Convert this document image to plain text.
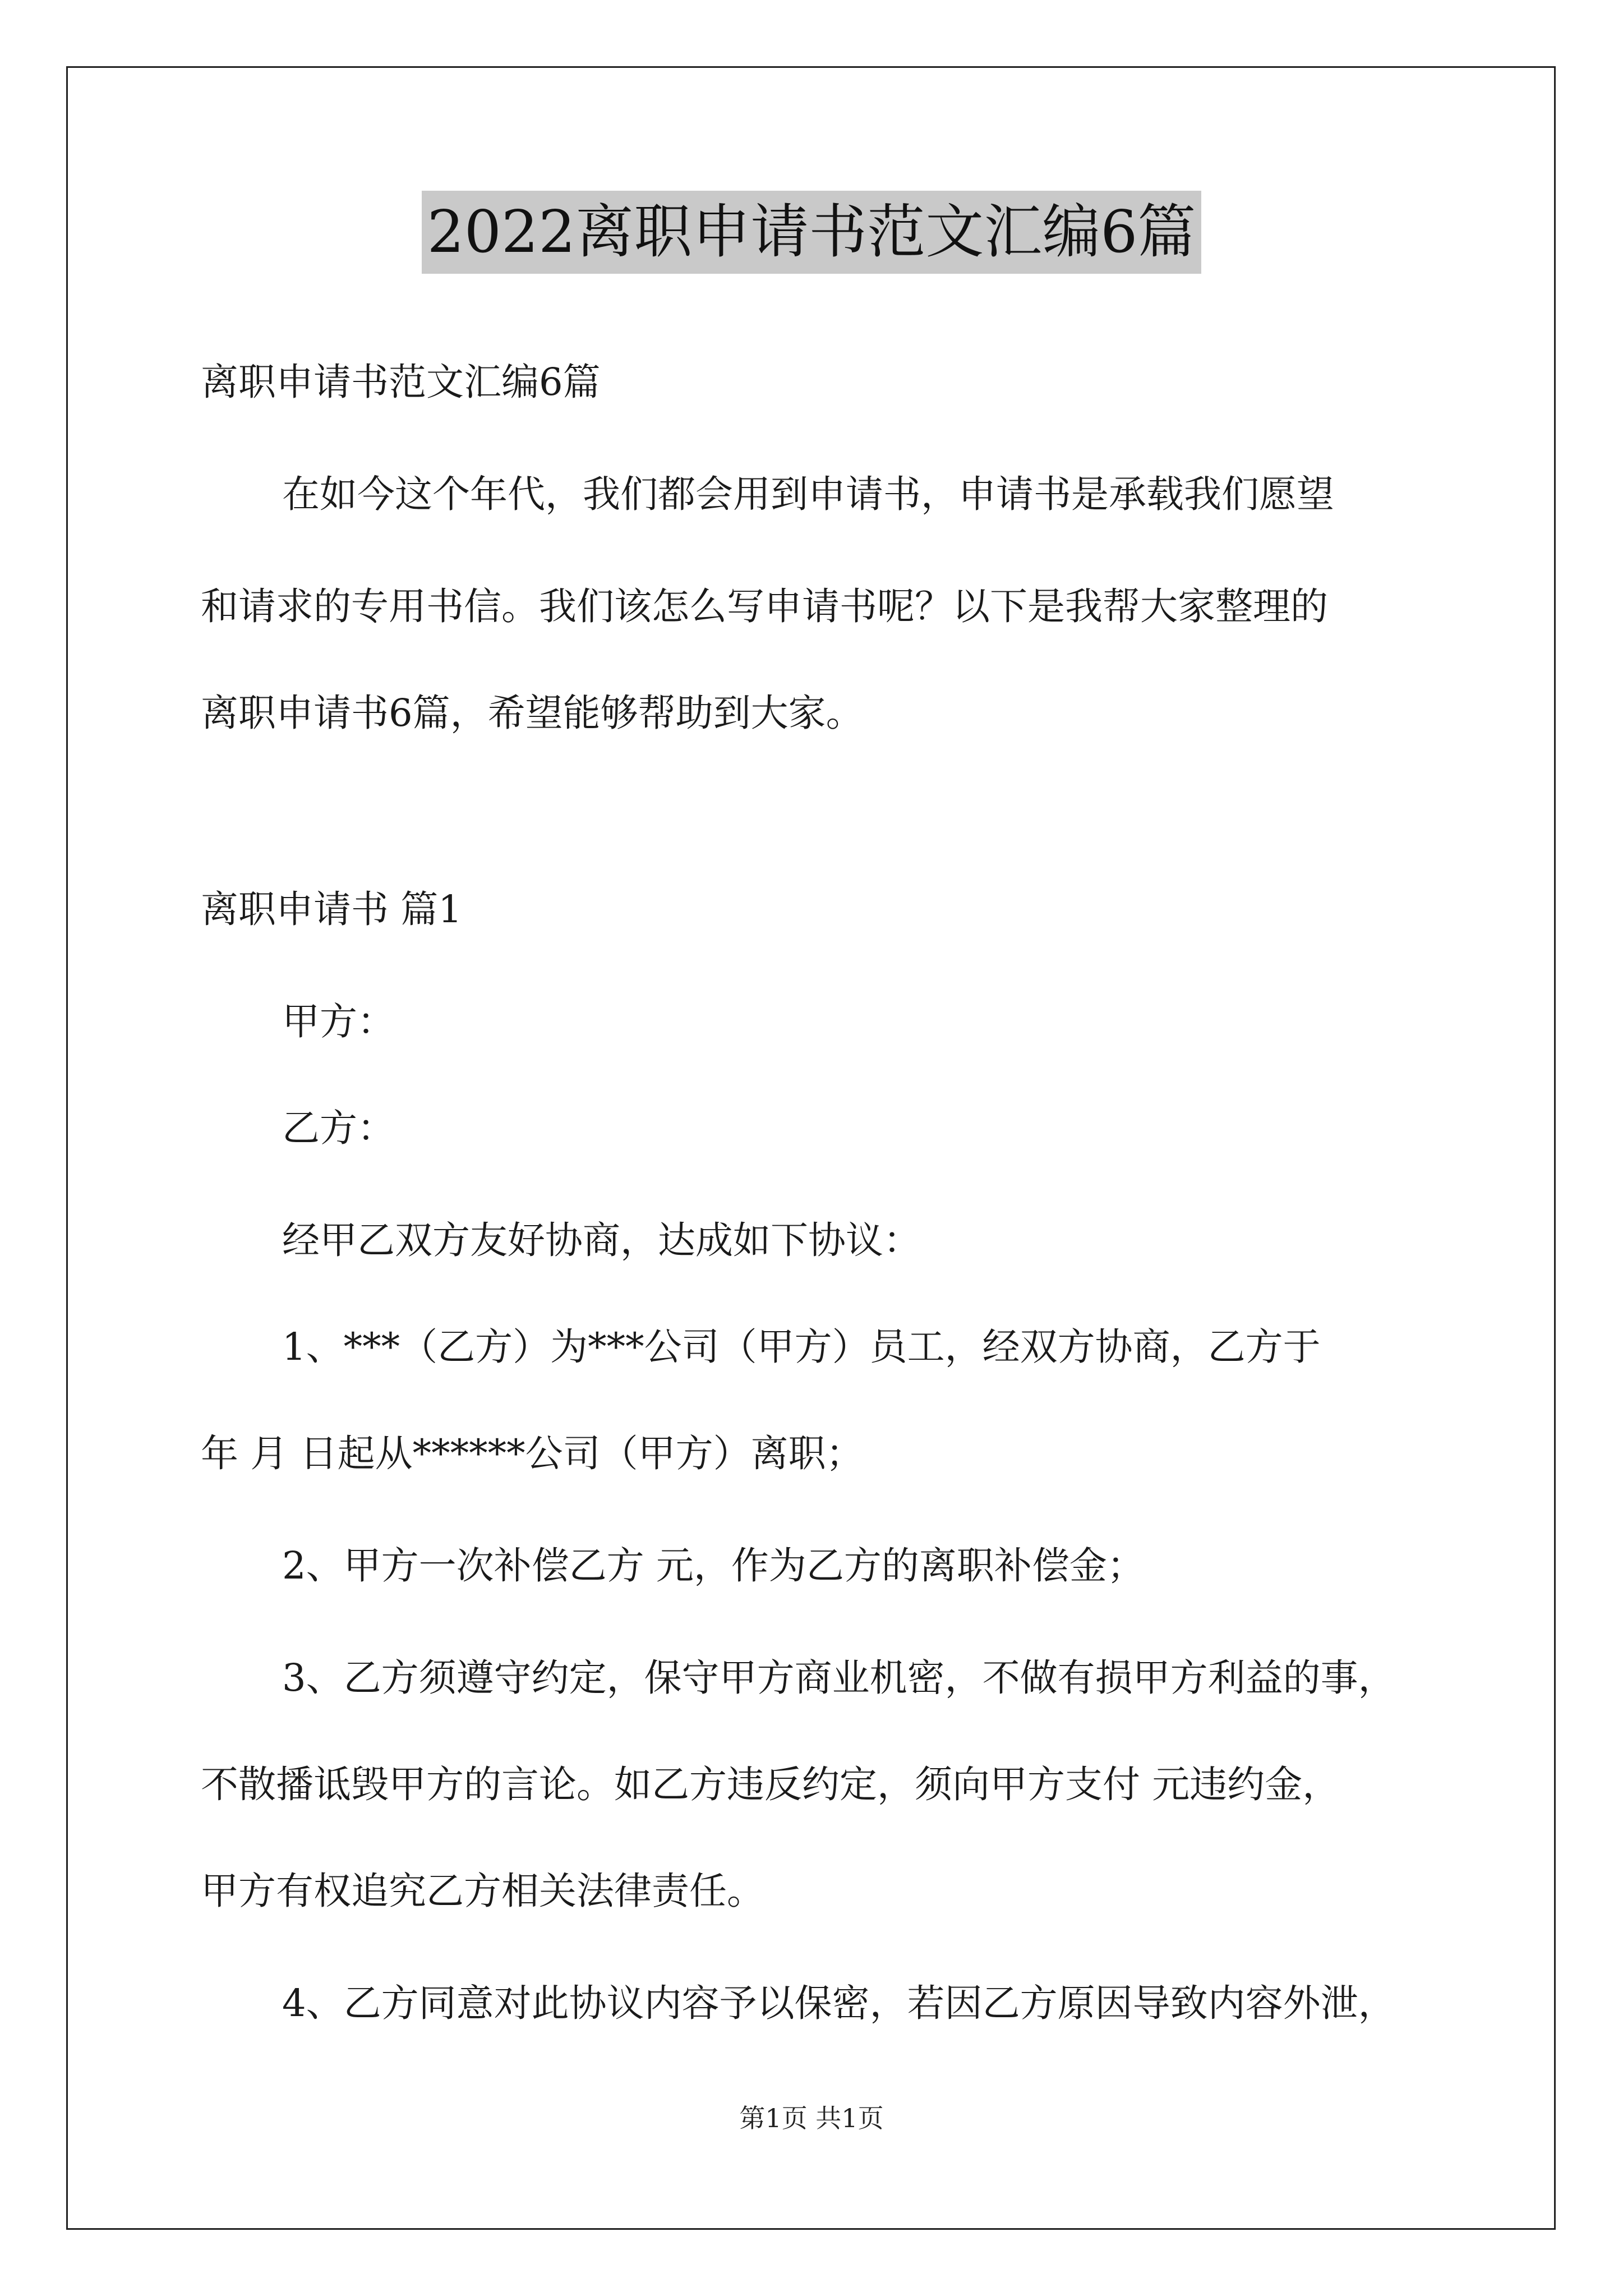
2022离职申请书范文汇编6篇

离职申请书范文汇编6篇

在如今这个年代，我们都会用到申请书，申请书是承载我们愿望

和请求的专用书信。我们该怎么写申请书呢？以下是我帮大家整理的

离职申请书6篇，希望能够帮助到大家。

离职申请书 篇1

甲方：

乙方：

经甲乙双方友好协商，达成如下协议：

1、***（乙方）为***公司（甲方）员工，经双方协商，乙方于

年 月 日起从******公司（甲方）离职；

2、甲方一次补偿乙方 元，作为乙方的离职补偿金；

3、乙方须遵守约定，保守甲方商业机密，不做有损甲方利益的事，

不散播诋毁甲方的言论。如乙方违反约定，须向甲方支付 元违约金，

甲方有权追究乙方相关法律责任。

4、乙方同意对此协议内容予以保密，若因乙方原因导致内容外泄，

第1页 共1页
